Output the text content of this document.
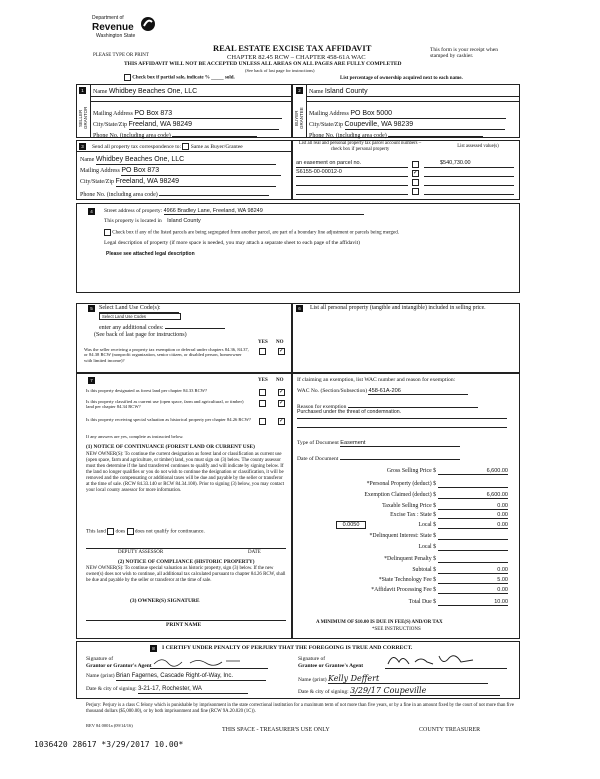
Department of
Revenue
Washington State
PLEASE TYPE OR PRINT
REAL ESTATE EXCISE TAX AFFIDAVIT
CHAPTER 82.45 RCW – CHAPTER 458-61A WAC
THIS AFFIDAVIT WILL NOT BE ACCEPTED UNLESS ALL AREAS ON ALL PAGES ARE FULLY COMPLETED
(See back of last page for instructions)
This form is your receipt when stamped by cashier.
Check box if partial sale, indicate % _____ sold.	List percentage of ownership acquired next to each name.
1
SELLER GRANTOR
Name Whidbey Beaches One, LLC
Mailing Address PO Box 873
City/State/Zip Freeland, WA 98249
Phone No. (including area code)
2
BUYER GRANTEE
Name Island County
Mailing Address PO Box 5000
City/State/Zip Coupeville, WA 98239
Phone No. (including area code)
3	Send all property tax correspondence to: Same as Buyer/Grantee
Name Whidbey Beaches One, LLC
Mailing Address PO Box 873
City/State/Zip Freeland, WA 98249
Phone No. (including area code)
List all real and personal property tax parcel account numbers – check box if personal property
List assessed value(s)
an easement on parcel no.	$540,730.00
S6155-00-00012-0	✓
4	Street address of property: 4966 Bradley Lane, Freeland, WA 98249
This property is located in Island County
Check box if any of the listed parcels are being segregated from another parcel, are part of a boundary line adjustment or parcels being merged.
Legal description of property (if more space is needed, you may attach a separate sheet to each page of the affidavit)
Please see attached legal description
5	Select Land Use Code(s):
Select Land Use Codes
enter any additional codes:
(See back of last page for instructions)
YES NO
Was the seller receiving a property tax exemption or deferral under chapters 84.36, 84.37, or 84.38 RCW (nonprofit organization, senior citizen, or disabled person, homeowner with limited income)?
✓
6	List all personal property (tangible and intangible) included in selling price.
7	YES NO
Is this property designated as forest land per chapter 84.33 RCW?	✓
Is this property classified as current use (open space, farm and agricultural, or timber) land per chapter 84.34 RCW?
✓
Is this property receiving special valuation as historical property per chapter 84.26 RCW?	✓
If any answers are yes, complete as instructed below.
(1) NOTICE OF CONTINUANCE (FOREST LAND OR CURRENT USE)
NEW OWNER(S): To continue the current designation as forest land or classification as current use (open space, farm and agriculture, or timber) land, you must sign on (3) below. The county assessor must then determine if the land transferred continues to qualify and will indicate by signing below. If the land no longer qualifies or you do not wish to continue the designation or classification, it will be removed and the compensating or additional taxes will be due and payable by the seller or transferor at the time of sale. (RCW 84.33.140 or RCW 84.34.108). Prior to signing (3) below, you may contact your local county assessor for more information.
This land does does not qualify for continuance.
DEPUTY ASSESSOR	DATE
(2) NOTICE OF COMPLIANCE (HISTORIC PROPERTY)
NEW OWNER(S): To continue special valuation as historic property, sign (3) below. If the new owner(s) does not wish to continue, all additional tax calculated pursuant to chapter 84.26 RCW, shall be due and payable by the seller or transferor at the time of sale.
(3) OWNER(S) SIGNATURE
PRINT NAME
If claiming an exemption, list WAC number and reason for exemption:
WAC No. (Section/Subsection) 458-61A-206
Reason for exemption
Purchased under the threat of condemnation.
Type of Document Easement
Date of Document
Gross Selling Price $	6,600.00
*Personal Property (deduct) $
Exemption Claimed (deduct) $	6,600.00
Taxable Selling Price $	0.00
Excise Tax : State $	0.00
Local $	0.00
*Delinquent Interest: State $
Local $
*Delinquent Penalty $
Subtotal $	0.00
*State Technology Fee $	5.00
*Affidavit Processing Fee $	0.00
Total Due $	10.00
0.0050
A MINIMUM OF $10.00 IS DUE IN FEE(S) AND/OR TAX
*SEE INSTRUCTIONS
8	I CERTIFY UNDER PENALTY OF PERJURY THAT THE FOREGOING IS TRUE AND CORRECT.
Signature of
Grantor or Grantor's Agent
Name (print) Brian Fagernes, Cascade Right-of-Way, Inc.
Date & city of signing: 3-21-17, Rochester, WA
Signature of
Grantee or Grantee's Agent
Name (print) Kelly Deffert
Date & city of signing: 3/29/17 Coupeville
Perjury: Perjury is a class C felony which is punishable by imprisonment in the state correctional institution for a maximum term of not more than five years, or by a fine in an amount fixed by the court of not more than five thousand dollars ($5,000.00), or by both imprisonment and fine (RCW 9A.20.020 (1C)).
REV 84 0001a (09/14/16)
THIS SPACE - TREASURER'S USE ONLY	COUNTY TREASURER
1036420 28617 *3/29/2017 10.00*
